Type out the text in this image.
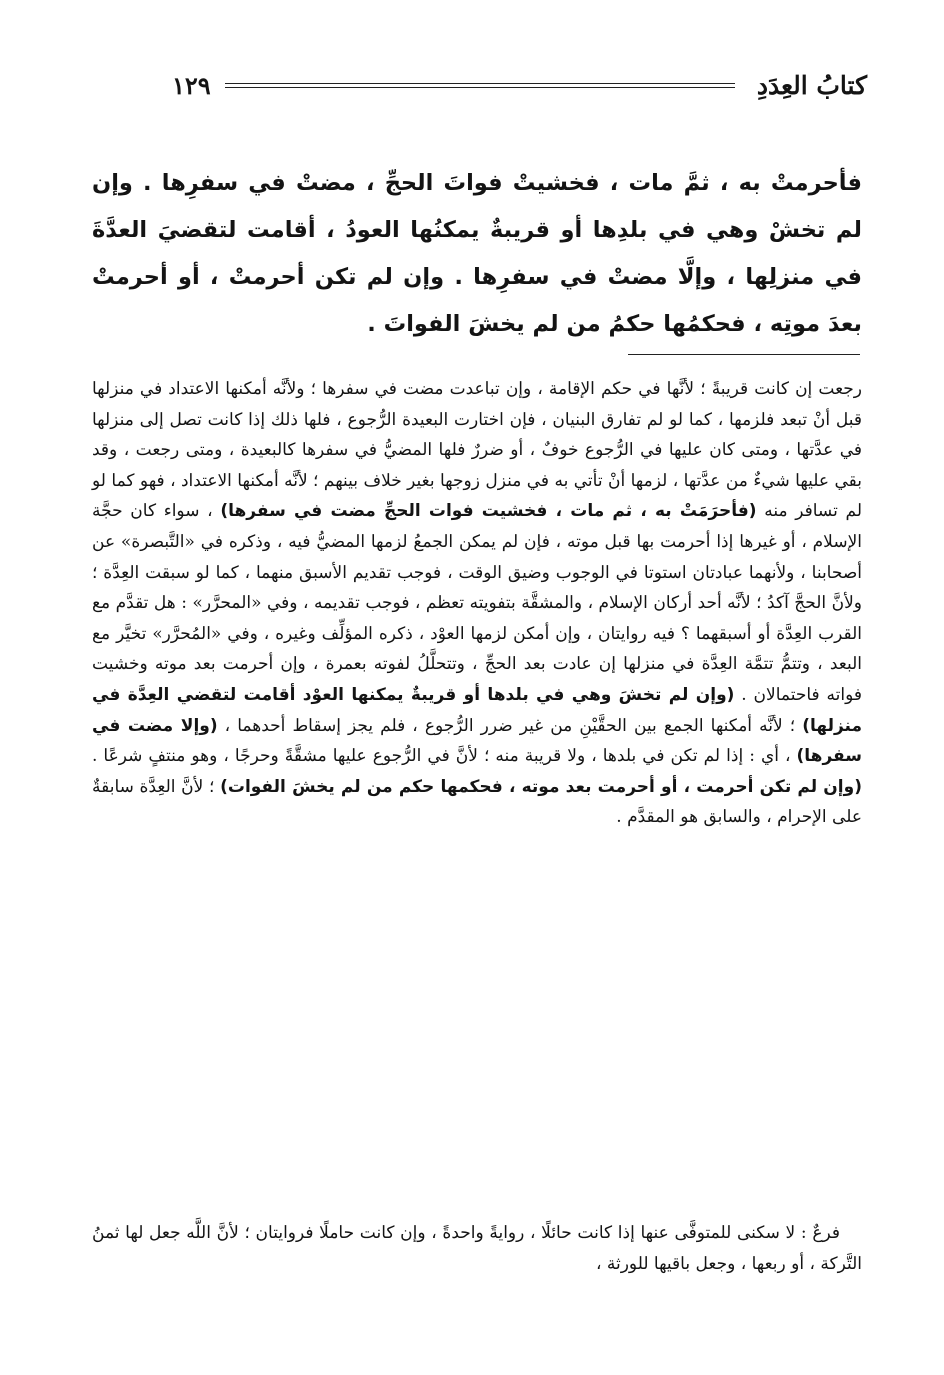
كتابُ العِدَدِ
١٢٩

فأحرمتْ به ، ثمَّ مات ، فخشيتْ فواتَ الحجِّ ، مضتْ في سفرِها . وإن لم تخشْ وهي في بلدِها أو قريبةٌ يمكنُها العودُ ، أقامت لتقضيَ العدَّةَ في منزلِها ، وإلَّا مضتْ في سفرِها . وإن لم تكن أحرمتْ ، أو أحرمتْ بعدَ موتِه ، فحكمُها حكمُ من لم يخشَ الفواتَ .

رجعت إن كانت قريبةً ؛ لأنَّها في حكم الإقامة ، وإن تباعدت مضت في سفرها ؛ ولأنَّه أمكنها الاعتداد في منزلها قبل أنْ تبعد فلزمها ، كما لو لم تفارق البنيان ، فإن اختارت البعيدة الرُّجوع ، فلها ذلك إذا كانت تصل إلى منزلها في عدَّتها ، ومتى كان عليها في الرُّجوع خوفٌ ، أو ضررٌ فلها المضيُّ في سفرها كالبعيدة ، ومتى رجعت ، وقد بقي عليها شيءٌ من عدَّتها ، لزمها أنْ تأتي به في منزل زوجها بغير خلاف بينهم ؛ لأنَّه أمكنها الاعتداد ، فهو كما لو لم تسافر منه (فأحرَمَتْ به ، ثم مات ، فخشيت فوات الحجِّ مضت في سفرها) ، سواء كان حجَّة الإسلام ، أو غيرها إذا أحرمت بها قبل موته ، فإن لم يمكن الجمعُ لزمها المضيُّ فيه ، وذكره في «التَّبصرة» عن أصحابنا ، ولأنهما عبادتان استوتا في الوجوب وضيق الوقت ، فوجب تقديم الأسبق منهما ، كما لو سبقت العِدَّة ؛ ولأنَّ الحجَّ آكدُ ؛ لأنَّه أحد أركان الإسلام ، والمشقَّة بتفويته تعظم ، فوجب تقديمه ، وفي «المحرَّر» : هل تقدَّم مع القرب العِدَّة أو أسبقهما ؟ فيه روايتان ، وإن أمكن لزمها العوْد ، ذكره المؤلِّف وغيره ، وفي «المُحرَّر» تخيَّر مع البعد ، وتتمُّ تتمَّة العِدَّة في منزلها إن عادت بعد الحجِّ ، وتتحلَّلُ لفوته بعمرة ، وإن أحرمت بعد موته وخشيت فواته فاحتمالان . (وإن لم تخشَ وهي في بلدها أو قريبةٌ يمكنها العوْد أقامت لتقضي العِدَّة في منزلها) ؛ لأنَّه أمكنها الجمع بين الحقَّيْنِ من غير ضرر الرُّجوع ، فلم يجز إسقاط أحدهما ، (وإلا مضت في سفرها) ، أي : إذا لم تكن في بلدها ، ولا قريبة منه ؛ لأنَّ في الرُّجوع عليها مشقَّةً وحرجًا ، وهو منتفٍ شرعًا . (وإن لم تكن أحرمت ، أو أحرمت بعد موته ، فحكمها حكم من لم يخشَ الفوات) ؛ لأنَّ العِدَّة سابقةٌ على الإحرام ، والسابق هو المقدَّم .

فرعٌ : لا سكنى للمتوفَّى عنها إذا كانت حائلًا ، روايةً واحدةً ، وإن كانت حاملًا فروايتان ؛ لأنَّ اللَّه جعل لها ثمنُ التَّركة ، أو ربعها ، وجعل باقيها للورثة ،
